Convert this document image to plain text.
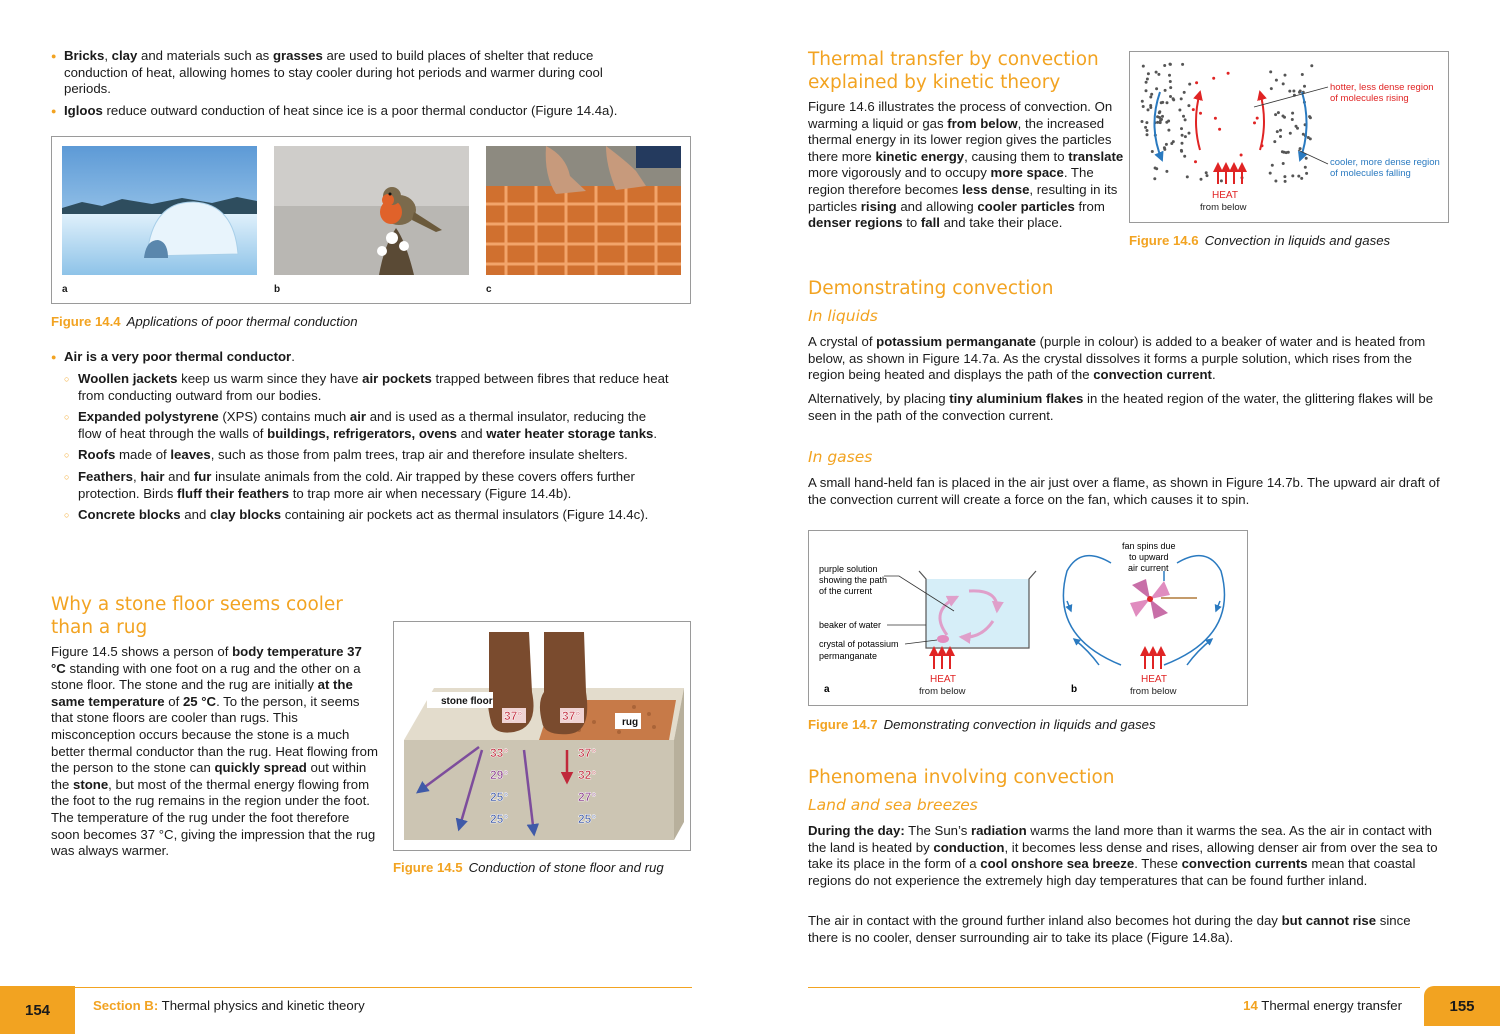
● Bricks, clay and materials such as grasses are used to build places of shelter that reduce conduction of heat, allowing homes to stay cooler during hot periods and warmer during cool periods.
● Igloos reduce outward conduction of heat since ice is a poor thermal conductor (Figure 14.4a).
a	b	c
Figure 14.4 Applications of poor thermal conduction
● Air is a very poor thermal conductor.
○ Woollen jackets keep us warm since they have air pockets trapped between fibres that reduce heat from conducting outward from our bodies.
○ Expanded polystyrene (XPS) contains much air and is used as a thermal insulator, reducing the flow of heat through the walls of buildings, refrigerators, ovens and water heater storage tanks.
○ Roofs made of leaves, such as those from palm trees, trap air and therefore insulate shelters.
○ Feathers, hair and fur insulate animals from the cold. Air trapped by these covers offers further protection. Birds fluff their feathers to trap more air when necessary (Figure 14.4b).
○ Concrete blocks and clay blocks containing air pockets act as thermal insulators (Figure 14.4c).
Why a stone floor seems cooler than a rug

Figure 14.5 shows a person of body temperature 37 °C standing with one foot on a rug and the other on a stone floor. The stone and the rug are initially at the same temperature of 25 °C. To the person, it seems that stone floors are cooler than rugs. This misconception occurs because the stone is a much better thermal conductor than the rug. Heat flowing from the person to the stone can quickly spread out within the stone, but most of the thermal energy flowing from the foot to the rug remains in the region under the foot. The temperature of the rug under the foot therefore soon becomes 37 °C, giving the impression that the rug was always warmer.

stone floor
rug
37°
33°
29°
25°
25°
37°
37°
32°
27°
25°
Figure 14.5 Conduction of stone floor and rug
154	Section B: Thermal physics and kinetic theory
Thermal transfer by convection explained by kinetic theory

Figure 14.6 illustrates the process of convection. On warming a liquid or gas from below, the increased thermal energy in its lower region gives the particles there more kinetic energy, causing them to translate more vigorously and to occupy more space. The region therefore becomes less dense, resulting in its particles rising and allowing cooler particles from denser regions to fall and take their place.

HEAT
from below
hotter, less dense region
of molecules rising
cooler, more dense region
of molecules falling
Figure 14.6 Convection in liquids and gases
Demonstrating convection
In liquids

A crystal of potassium permanganate (purple in colour) is added to a beaker of water and is heated from below, as shown in Figure 14.7a. As the crystal dissolves it forms a purple solution, which rises from the region being heated and displays the path of the convection current.

Alternatively, by placing tiny aluminium flakes in the heated region of the water, the glittering flakes will be seen in the path of the convection current.

In gases

A small hand-held fan is placed in the air just over a flame, as shown in Figure 14.7b. The upward air draft of the convection current will create a force on the fan, which causes it to spin.

HEAT
from below
purple solution
showing the path
of the current
beaker of water
crystal of potassium
permanganate
a
fan spins due
to upward
air current
HEAT
from below
b
Figure 14.7 Demonstrating convection in liquids and gases
Phenomena involving convection
Land and sea breezes

During the day: The Sun’s radiation warms the land more than it warms the sea. As the air in contact with the land is heated by conduction, it becomes less dense and rises, allowing denser air from over the sea to take its place in the form of a cool onshore sea breeze. These convection currents mean that coastal regions do not experience the extremely high day temperatures that can be found further inland.

The air in contact with the ground further inland also becomes hot during the day but cannot rise since there is no cooler, denser surrounding air to take its place (Figure 14.8a).

14 Thermal energy transfer	155
